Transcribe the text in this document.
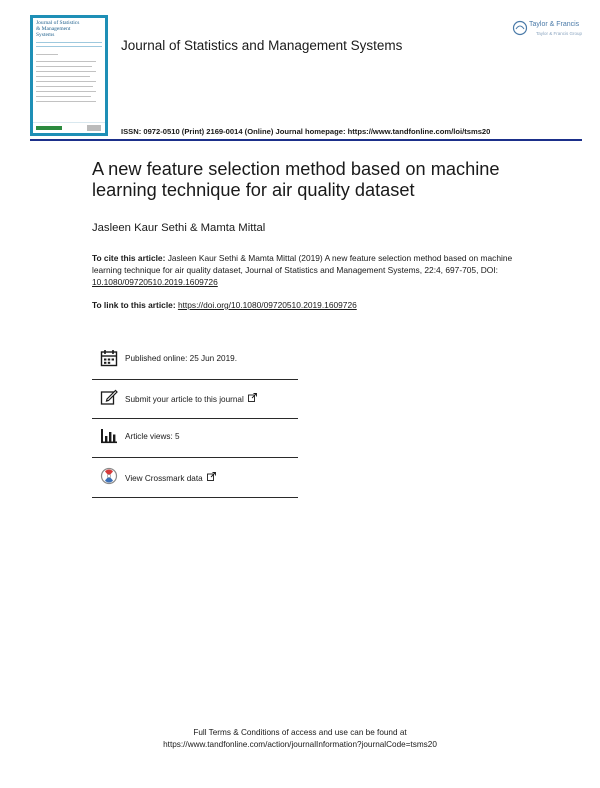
Journal of Statistics & Management Systems
Journal of Statistics and Management Systems
Taylor & Francis
Taylor & Francis Group
ISSN: 0972-0510 (Print) 2169-0014 (Online) Journal homepage: https://www.tandfonline.com/loi/tsms20
A new feature selection method based on machine learning technique for air quality dataset
Jasleen Kaur Sethi & Mamta Mittal
To cite this article: Jasleen Kaur Sethi & Mamta Mittal (2019) A new feature selection method based on machine learning technique for air quality dataset, Journal of Statistics and Management Systems, 22:4, 697-705, DOI: 10.1080/09720510.2019.1609726
To link to this article: https://doi.org/10.1080/09720510.2019.1609726
Published online: 25 Jun 2019.
Submit your article to this journal
Article views: 5
View Crossmark data
Full Terms & Conditions of access and use can be found at
https://www.tandfonline.com/action/journalInformation?journalCode=tsms20
